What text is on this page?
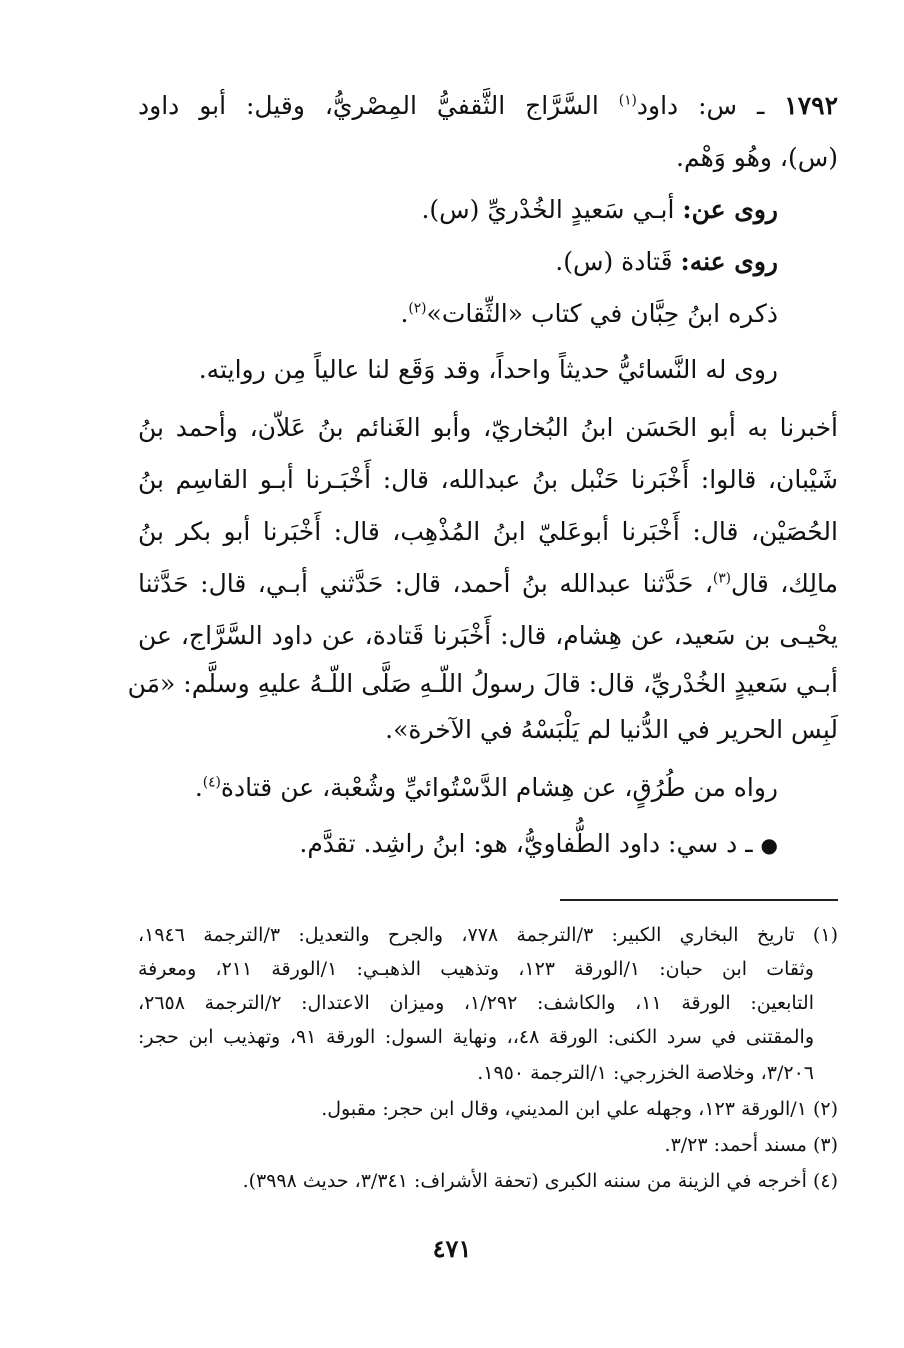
١٧٩٢ ـ س: داود$^{(١)}$ السَّرَّاج الثَّقفيُّ المِصْريُّ، وقيل: أبو داود
(س)، وهُو وَهْم.
روى عن: أبـي سَعيدٍ الخُدْريِّ (س).
روى عنه: قَتادة (س).
ذكره ابنُ حِبَّان في كتاب «الثِّقات»$^{(٢)}$.
روى له النَّسائيُّ حديثاً واحداً، وقد وَقَع لنا عالياً مِن روايته.
أخبرنا به أبو الحَسَن ابنُ البُخاريّ، وأبو الغَنائم بنُ عَلاّن، وأحمد بنُ
شَيْبان، قالوا: أَخْبَرنا حَنْبل بنُ عبدالله، قال: أَخْبَـرنا أبـو القاسِم بنُ
الحُصَيْن، قال: أَخْبَرنا أبوعَليّ ابنُ المُذْهِب، قال: أَخْبَرنا أبو بكر بنُ
مالِك، قال$^{(٣)}$، حَدَّثنا عبدالله بنُ أحمد، قال: حَدَّثني أبـي، قال: حَدَّثنا
يحْيـى بن سَعيد، عن هِشام، قال: أَخْبَرنا قَتادة، عن داود السَّرَّاج، عن
أبـي سَعيدٍ الخُدْريِّ، قال: قالَ رسولُ اللّـهِ صَلَّى اللّـهُ عليهِ وسلَّم: «مَن
لَبِس الحرير في الدُّنيا لم يَلْبَسْهُ في الآخرة».
رواه من طُرُقٍ، عن هِشام الدَّسْتُوائيِّ وشُعْبة، عن قتادة$^{(٤)}$.
● ـ د سي: داود الطُّفاويُّ، هو: ابنُ راشِد. تقدَّم.
(١) تاريخ البخاري الكبير: ٣/الترجمة ٧٧٨، والجرح والتعديل: ٣/الترجمة ١٩٤٦،
وثقات ابن حبان: ١/الورقة ١٢٣، وتذهيب الذهبـي: ١/الورقة ٢١١، ومعرفة
التابعين: الورقة ١١، والكاشف: ١/٢٩٢، وميزان الاعتدال: ٢/الترجمة ٢٦٥٨،
والمقتنى في سرد الكنى: الورقة ٤٨،، ونهاية السول: الورقة ٩١، وتهذيب ابن حجر:
٣/٢٠٦، وخلاصة الخزرجي: ١/الترجمة ١٩٥٠.
(٢) ١/الورقة ١٢٣، وجهله علي ابن المديني، وقال ابن حجر: مقبول.
(٣) مسند أحمد: ٣/٢٣.
(٤) أخرجه في الزينة من سننه الكبرى (تحفة الأشراف: ٣/٣٤١، حديث ٣٩٩٨).
٤٧١
